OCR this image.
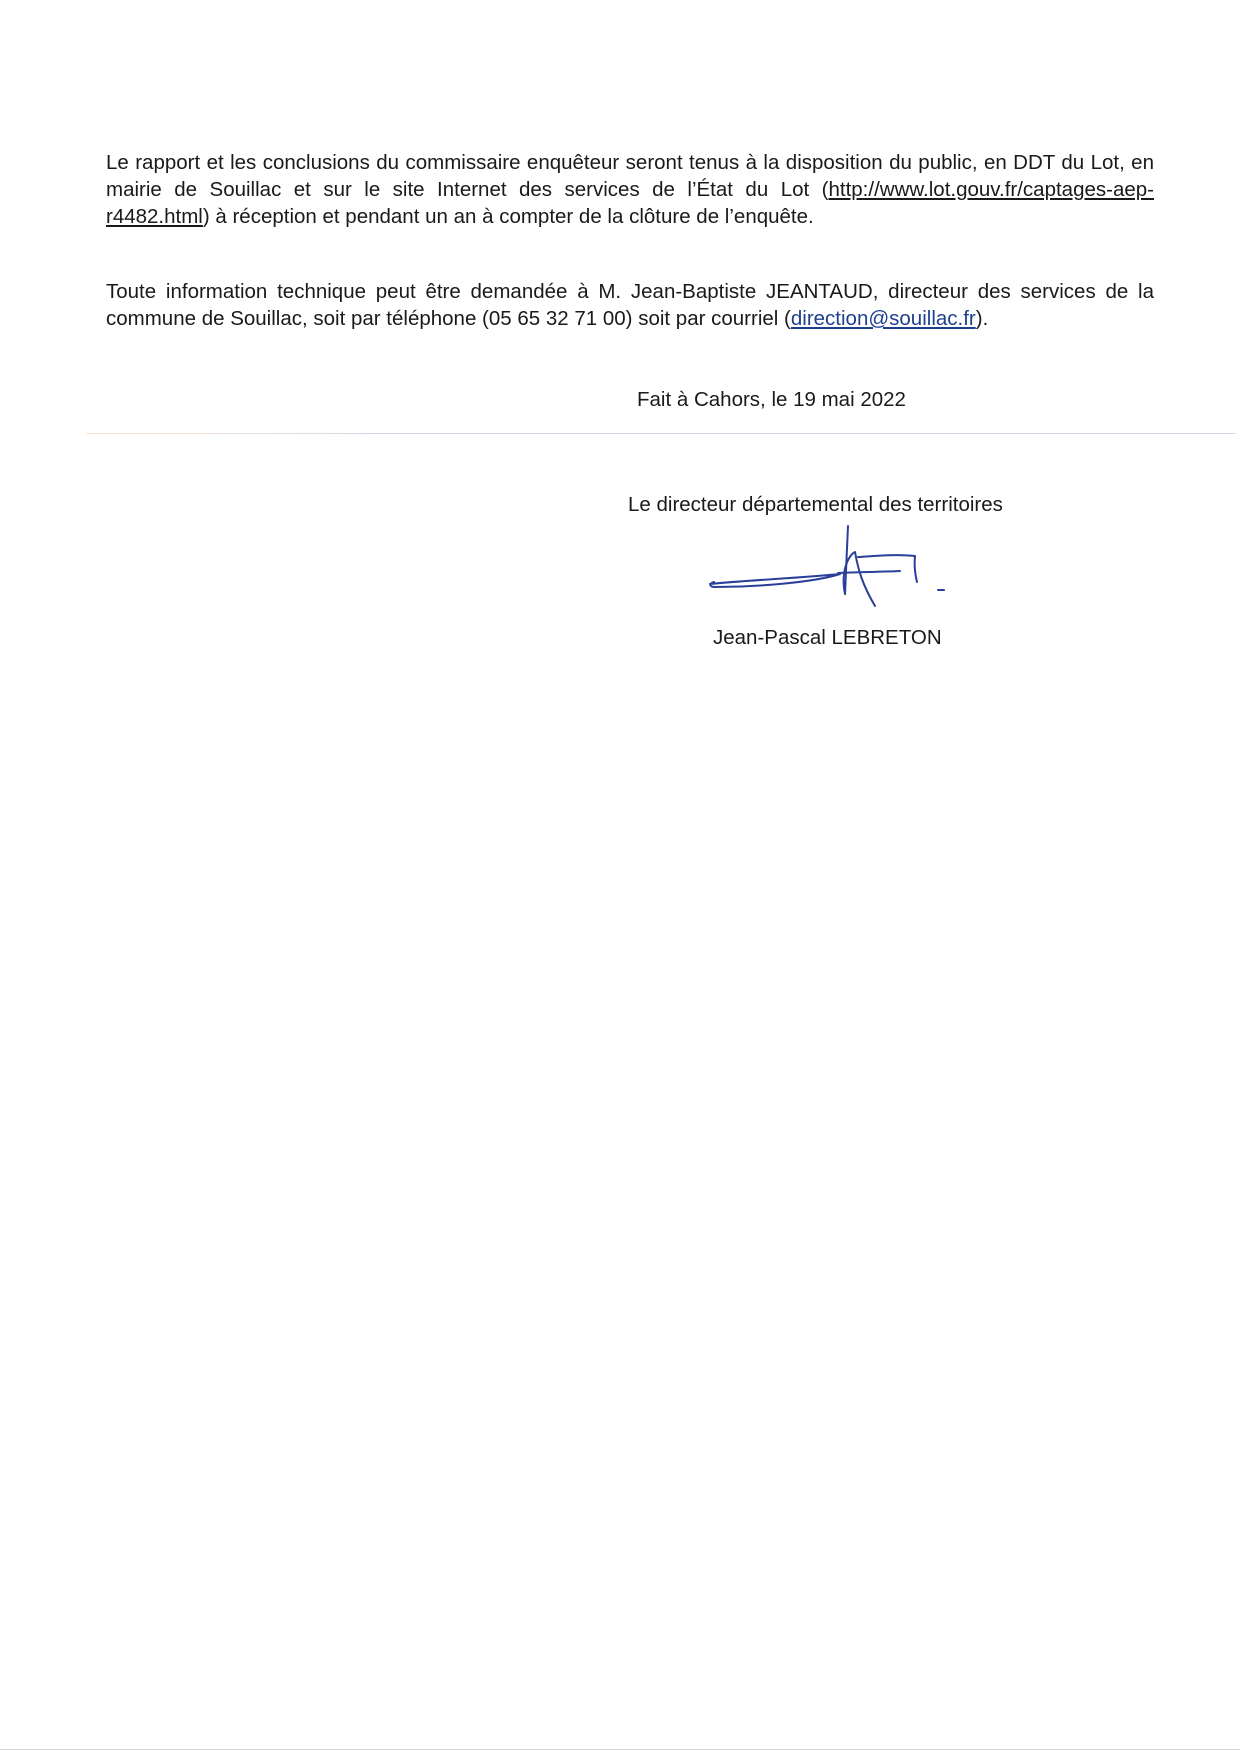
Le rapport et les conclusions du commissaire enquêteur seront tenus à la disposition du public, en DDT du Lot, en mairie de Souillac et sur le site Internet des services de l’État du Lot (http://www.lot.gouv.fr/captages-aep-r4482.html) à réception et pendant un an à compter de la clôture de l’enquête.
Toute information technique peut être demandée à M. Jean-Baptiste JEANTAUD, directeur des services de la commune de Souillac, soit par téléphone (05 65 32 71 00) soit par courriel (direction@souillac.fr).
Fait à Cahors, le 19 mai 2022
Le directeur départemental des territoires
Jean-Pascal LEBRETON
